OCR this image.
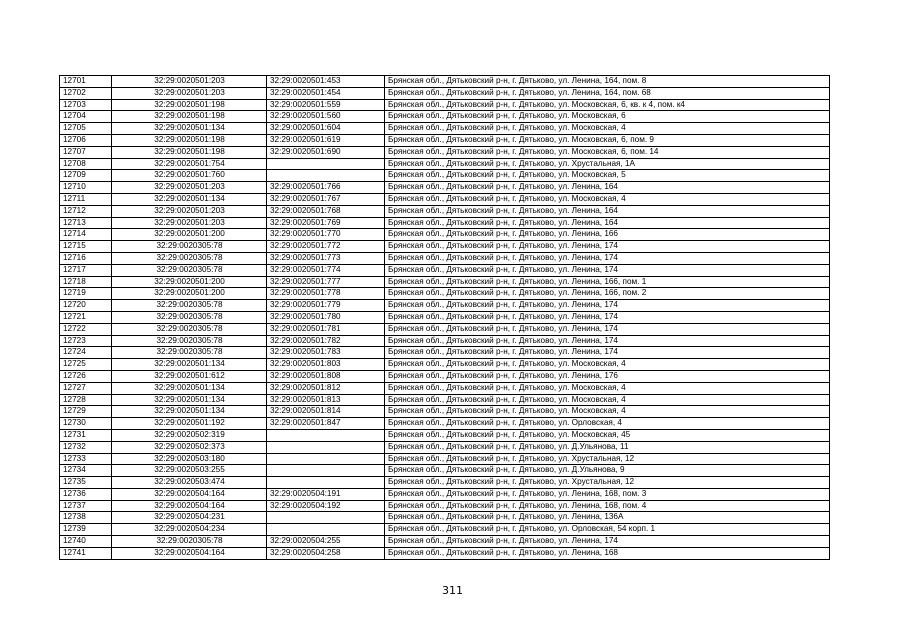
12701	32:29:0020501:203	32:29:0020501:453	Брянская обл., Дятьковский р-н, г. Дятьково, ул. Ленина, 164, пом. 8
12702	32:29:0020501:203	32:29:0020501:454	Брянская обл., Дятьковский р-н, г. Дятьково, ул. Ленина, 164, пом. 68
12703	32:29:0020501:198	32:29:0020501:559	Брянская обл., Дятьковский р-н, г. Дятьково, ул. Московская, 6, кв. к 4, пом. к4
12704	32:29:0020501:198	32:29:0020501:560	Брянская обл., Дятьковский р-н, г. Дятьково, ул. Московская, 6
12705	32:29:0020501:134	32:29:0020501:604	Брянская обл., Дятьковский р-н, г. Дятьково, ул. Московская, 4
12706	32:29:0020501:198	32:29:0020501:619	Брянская обл., Дятьковский р-н, г. Дятьково, ул. Московская, 6, пом. 9
12707	32:29:0020501:198	32:29:0020501:690	Брянская обл., Дятьковский р-н, г. Дятьково, ул. Московская, 6, пом. 14
12708	32:29:0020501:754		Брянская обл., Дятьковский р-н, г. Дятьково, ул. Хрустальная, 1А
12709	32:29:0020501:760		Брянская обл., Дятьковский р-н, г. Дятьково, ул. Московская, 5
12710	32:29:0020501:203	32:29:0020501:766	Брянская обл., Дятьковский р-н, г. Дятьково, ул. Ленина, 164
12711	32:29:0020501:134	32:29:0020501:767	Брянская обл., Дятьковский р-н, г. Дятьково, ул. Московская, 4
12712	32:29:0020501:203	32:29:0020501:768	Брянская обл., Дятьковский р-н, г. Дятьково, ул. Ленина, 164
12713	32:29:0020501:203	32:29:0020501:769	Брянская обл., Дятьковский р-н, г. Дятьково, ул. Ленина, 164
12714	32:29:0020501:200	32:29:0020501:770	Брянская обл., Дятьковский р-н, г. Дятьково, ул. Ленина, 166
12715	32:29:0020305:78	32:29:0020501:772	Брянская обл., Дятьковский р-н, г. Дятьково, ул. Ленина, 174
12716	32:29:0020305:78	32:29:0020501:773	Брянская обл., Дятьковский р-н, г. Дятьково, ул. Ленина, 174
12717	32:29:0020305:78	32:29:0020501:774	Брянская обл., Дятьковский р-н, г. Дятьково, ул. Ленина, 174
12718	32:29:0020501:200	32:29:0020501:777	Брянская обл., Дятьковский р-н, г. Дятьково, ул. Ленина, 166, пом. 1
12719	32:29:0020501:200	32:29:0020501:778	Брянская обл., Дятьковский р-н, г. Дятьково, ул. Ленина, 166, пом. 2
12720	32:29:0020305:78	32:29:0020501:779	Брянская обл., Дятьковский р-н, г. Дятьково, ул. Ленина, 174
12721	32:29:0020305:78	32:29:0020501:780	Брянская обл., Дятьковский р-н, г. Дятьково, ул. Ленина, 174
12722	32:29:0020305:78	32:29:0020501:781	Брянская обл., Дятьковский р-н, г. Дятьково, ул. Ленина, 174
12723	32:29:0020305:78	32:29:0020501:782	Брянская обл., Дятьковский р-н, г. Дятьково, ул. Ленина, 174
12724	32:29:0020305:78	32:29:0020501:783	Брянская обл., Дятьковский р-н, г. Дятьково, ул. Ленина, 174
12725	32:29:0020501:134	32:29:0020501:803	Брянская обл., Дятьковский р-н, г. Дятьково, ул. Московская, 4
12726	32:29:0020501:612	32:29:0020501:808	Брянская обл., Дятьковский р-н, г. Дятьково, ул. Ленина, 176
12727	32:29:0020501:134	32:29:0020501:812	Брянская обл., Дятьковский р-н, г. Дятьково, ул. Московская, 4
12728	32:29:0020501:134	32:29:0020501:813	Брянская обл., Дятьковский р-н, г. Дятьково, ул. Московская, 4
12729	32:29:0020501:134	32:29:0020501:814	Брянская обл., Дятьковский р-н, г. Дятьково, ул. Московская, 4
12730	32:29:0020501:192	32:29:0020501:847	Брянская обл., Дятьковский р-н, г. Дятьково, ул. Орловская, 4
12731	32:29:0020502:319		Брянская обл., Дятьковский р-н, г. Дятьково, ул. Московская, 45
12732	32:29:0020502:373		Брянская обл., Дятьковский р-н, г. Дятьково, ул. Д.Ульянова, 11
12733	32:29:0020503:180		Брянская обл., Дятьковский р-н, г. Дятьково, ул. Хрустальная, 12
12734	32:29:0020503:255		Брянская обл., Дятьковский р-н, г. Дятьково, ул. Д.Ульянова, 9
12735	32:29:0020503:474		Брянская обл., Дятьковский р-н, г. Дятьково, ул. Хрустальная, 12
12736	32:29:0020504:164	32:29:0020504:191	Брянская обл., Дятьковский р-н, г. Дятьково, ул. Ленина, 168, пом. 3
12737	32:29:0020504:164	32:29:0020504:192	Брянская обл., Дятьковский р-н, г. Дятьково, ул. Ленина, 168, пом. 4
12738	32:29:0020504:231		Брянская обл., Дятьковский р-н, г. Дятьково, ул. Ленина, 136А
12739	32:29:0020504:234		Брянская обл., Дятьковский р-н, г. Дятьково, ул. Орловская, 54 корп. 1
12740	32:29:0020305:78	32:29:0020504:255	Брянская обл., Дятьковский р-н, г. Дятьково, ул. Ленина, 174
12741	32:29:0020504:164	32:29:0020504:258	Брянская обл., Дятьковский р-н, г. Дятьково, ул. Ленина, 168
311
